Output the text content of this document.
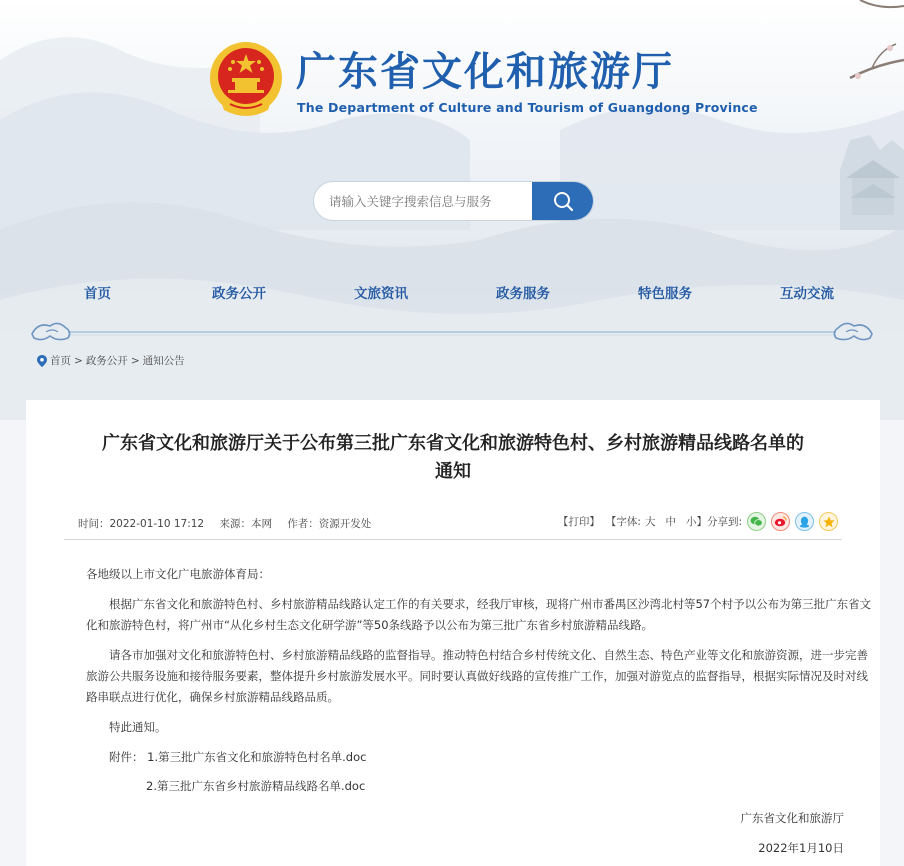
广东省文化和旅游厅
The Department of Culture and Tourism of Guangdong Province
请输入关键字搜索信息与服务
首页	政务公开	文旅资讯	政务服务	特色服务	互动交流
首页 > 政务公开 > 通知公告
广东省文化和旅游厅关于公布第三批广东省文化和旅游特色村、乡村旅游精品线路名单的
通知
时间：2022-01-10 17:12 来源：本网 作者：资源开发处	【打印】 【字体: 大 中 小 】 分享到:
各地级以上市文化广电旅游体育局：
根据广东省文化和旅游特色村、乡村旅游精品线路认定工作的有关要求，经我厅审核，现将广州市番禺区沙湾北村等57个村予以公布为第三批广东省文
化和旅游特色村，将广州市“从化乡村生态文化研学游”等50条线路予以公布为第三批广东省乡村旅游精品线路。
请各市加强对文化和旅游特色村、乡村旅游精品线路的监督指导。推动特色村结合乡村传统文化、自然生态、特色产业等文化和旅游资源，进一步完善
旅游公共服务设施和接待服务要素，整体提升乡村旅游发展水平。同时要认真做好线路的宣传推广工作，加强对游览点的监督指导，根据实际情况及时对线
路串联点进行优化，确保乡村旅游精品线路品质。
特此通知。
附件： 1.第三批广东省文化和旅游特色村名单.doc
2.第三批广东省乡村旅游精品线路名单.doc
广东省文化和旅游厅
2022年1月10日
